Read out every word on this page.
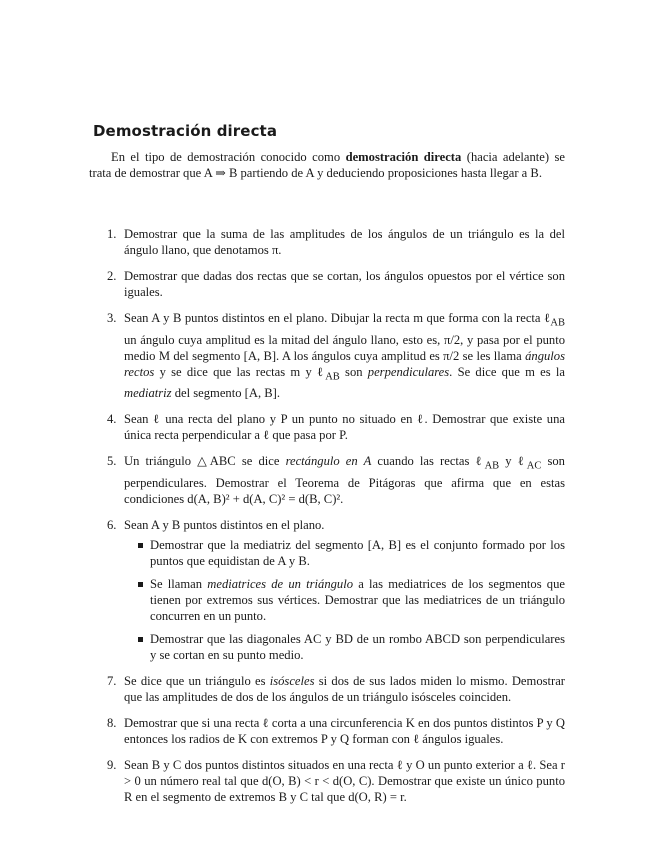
Demostración directa

En el tipo de demostración conocido como demostración directa (hacia adelante) se trata de demostrar que A ⇒ B partiendo de A y deduciendo proposiciones hasta llegar a B.

1. Demostrar que la suma de las amplitudes de los ángulos de un triángulo es la del ángulo llano, que denotamos π.
2. Demostrar que dadas dos rectas que se cortan, los ángulos opuestos por el vértice son iguales.
3. Sean A y B puntos distintos en el plano. Dibujar la recta m que forma con la recta ℓ$_{AB}$ un ángulo cuya amplitud es la mitad del ángulo llano, esto es, π/2, y pasa por el punto medio M del segmento [A, B]. A los ángulos cuya amplitud es π/2 se les llama ángulos rectos y se dice que las rectas m y ℓ$_{AB}$ son perpendiculares. Se dice que m es la mediatriz del segmento [A, B].
4. Sean ℓ una recta del plano y P un punto no situado en ℓ. Demostrar que existe una única recta perpendicular a ℓ que pasa por P.
5. Un triángulo △ABC se dice rectángulo en A cuando las rectas ℓ$_{AB}$ y ℓ$_{AC}$ son perpendiculares. Demostrar el Teorema de Pitágoras que afirma que en estas condiciones d(A, B)² + d(A, C)² = d(B, C)².
6. Sean A y B puntos distintos en el plano.
Demostrar que la mediatriz del segmento [A, B] es el conjunto formado por los puntos que equidistan de A y B.
Se llaman mediatrices de un triángulo a las mediatrices de los segmentos que tienen por extremos sus vértices. Demostrar que las mediatrices de un triángulo concurren en un punto.
Demostrar que las diagonales AC y BD de un rombo ABCD son perpendiculares y se cortan en su punto medio.
7. Se dice que un triángulo es isósceles si dos de sus lados miden lo mismo. Demostrar que las amplitudes de dos de los ángulos de un triángulo isósceles coinciden.
8. Demostrar que si una recta ℓ corta a una circunferencia K en dos puntos distintos P y Q entonces los radios de K con extremos P y Q forman con ℓ ángulos iguales.
9. Sean B y C dos puntos distintos situados en una recta ℓ y O un punto exterior a ℓ. Sea r > 0 un número real tal que d(O, B) < r < d(O, C). Demostrar que existe un único punto R en el segmento de extremos B y C tal que d(O, R) = r.
